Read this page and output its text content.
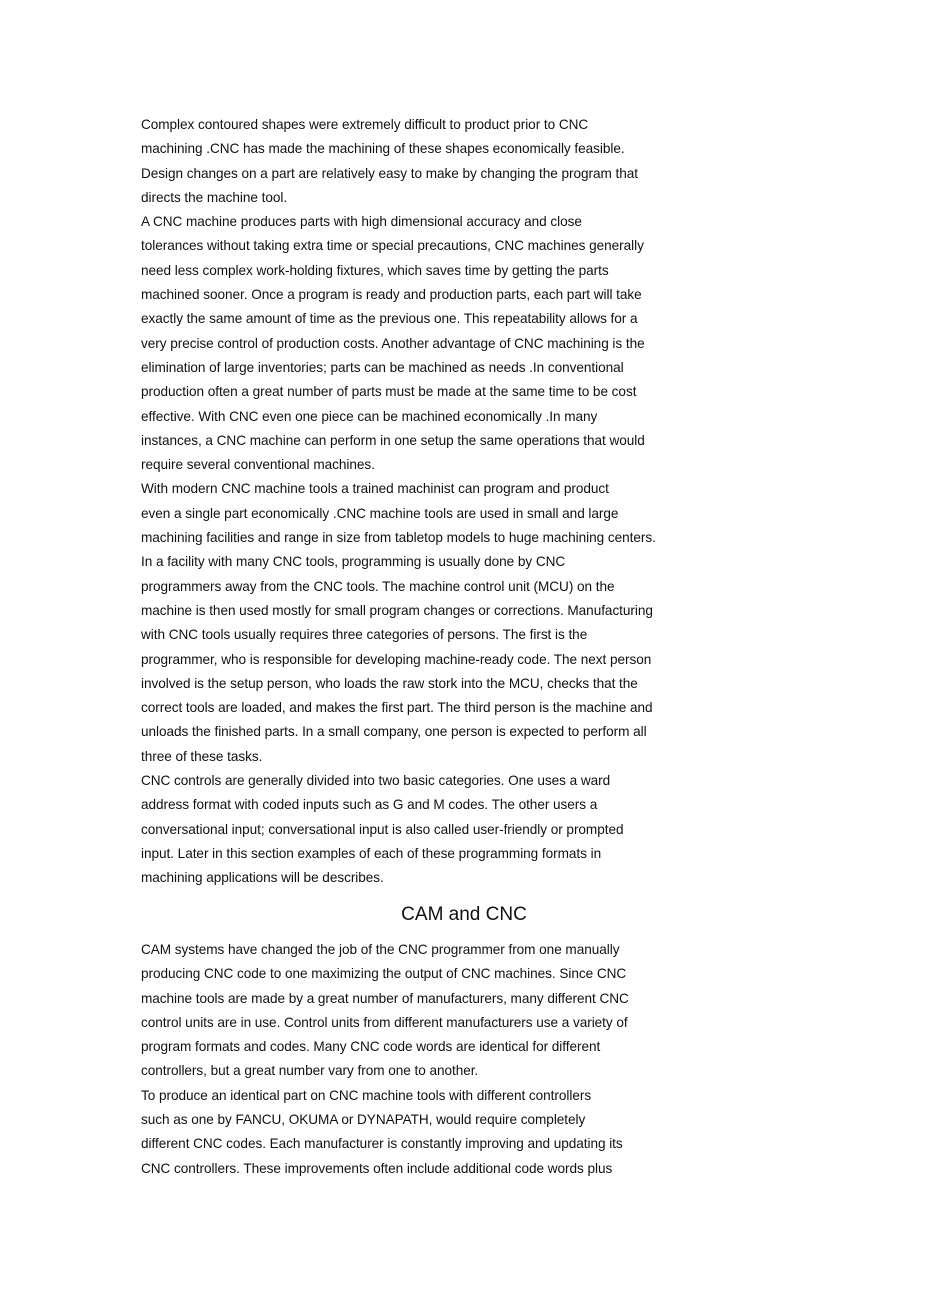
Complex contoured shapes were extremely difficult to product prior to CNC
machining .CNC has made the machining of these shapes economically feasible.
Design changes on a part are relatively easy to make by changing the program that
directs the machine tool.
A CNC machine produces parts with high dimensional accuracy and close
tolerances without taking extra time or special precautions, CNC machines generally
need less complex work-holding fixtures, which saves time by getting the parts
machined sooner. Once a program is ready and production parts, each part will take
exactly the same amount of time as the previous one. This repeatability allows for a
very precise control of production costs. Another advantage of CNC machining is the
elimination of large inventories; parts can be machined as needs .In conventional
production often a great number of parts must be made at the same time to be cost
effective. With CNC even one piece can be machined economically .In many
instances, a CNC machine can perform in one setup the same operations that would
require several conventional machines.
With modern CNC machine tools a trained machinist can program and product
even a single part economically .CNC machine tools are used in small and large
machining facilities and range in size from tabletop models to huge machining centers.
In a facility with many CNC tools, programming is usually done by CNC
programmers away from the CNC tools. The machine control unit (MCU) on the
machine is then used mostly for small program changes or corrections. Manufacturing
with CNC tools usually requires three categories of persons. The first is the
programmer, who is responsible for developing machine-ready code. The next person
involved is the setup person, who loads the raw stork into the MCU, checks that the
correct tools are loaded, and makes the first part. The third person is the machine and
unloads the finished parts. In a small company, one person is expected to perform all
three of these tasks.
CNC controls are generally divided into two basic categories. One uses a ward
address format with coded inputs such as G and M codes. The other users a
conversational input; conversational input is also called user-friendly or prompted
input. Later in this section examples of each of these programming formats in
machining applications will be describes.
CAM and CNC
CAM systems have changed the job of the CNC programmer from one manually
producing CNC code to one maximizing the output of CNC machines. Since CNC
machine tools are made by a great number of manufacturers, many different CNC
control units are in use. Control units from different manufacturers use a variety of
program formats and codes. Many CNC code words are identical for different
controllers, but a great number vary from one to another.
To produce an identical part on CNC machine tools with different controllers
such as one by FANCU, OKUMA or DYNAPATH, would require completely
different CNC codes. Each manufacturer is constantly improving and updating its
CNC controllers. These improvements often include additional code words plus
